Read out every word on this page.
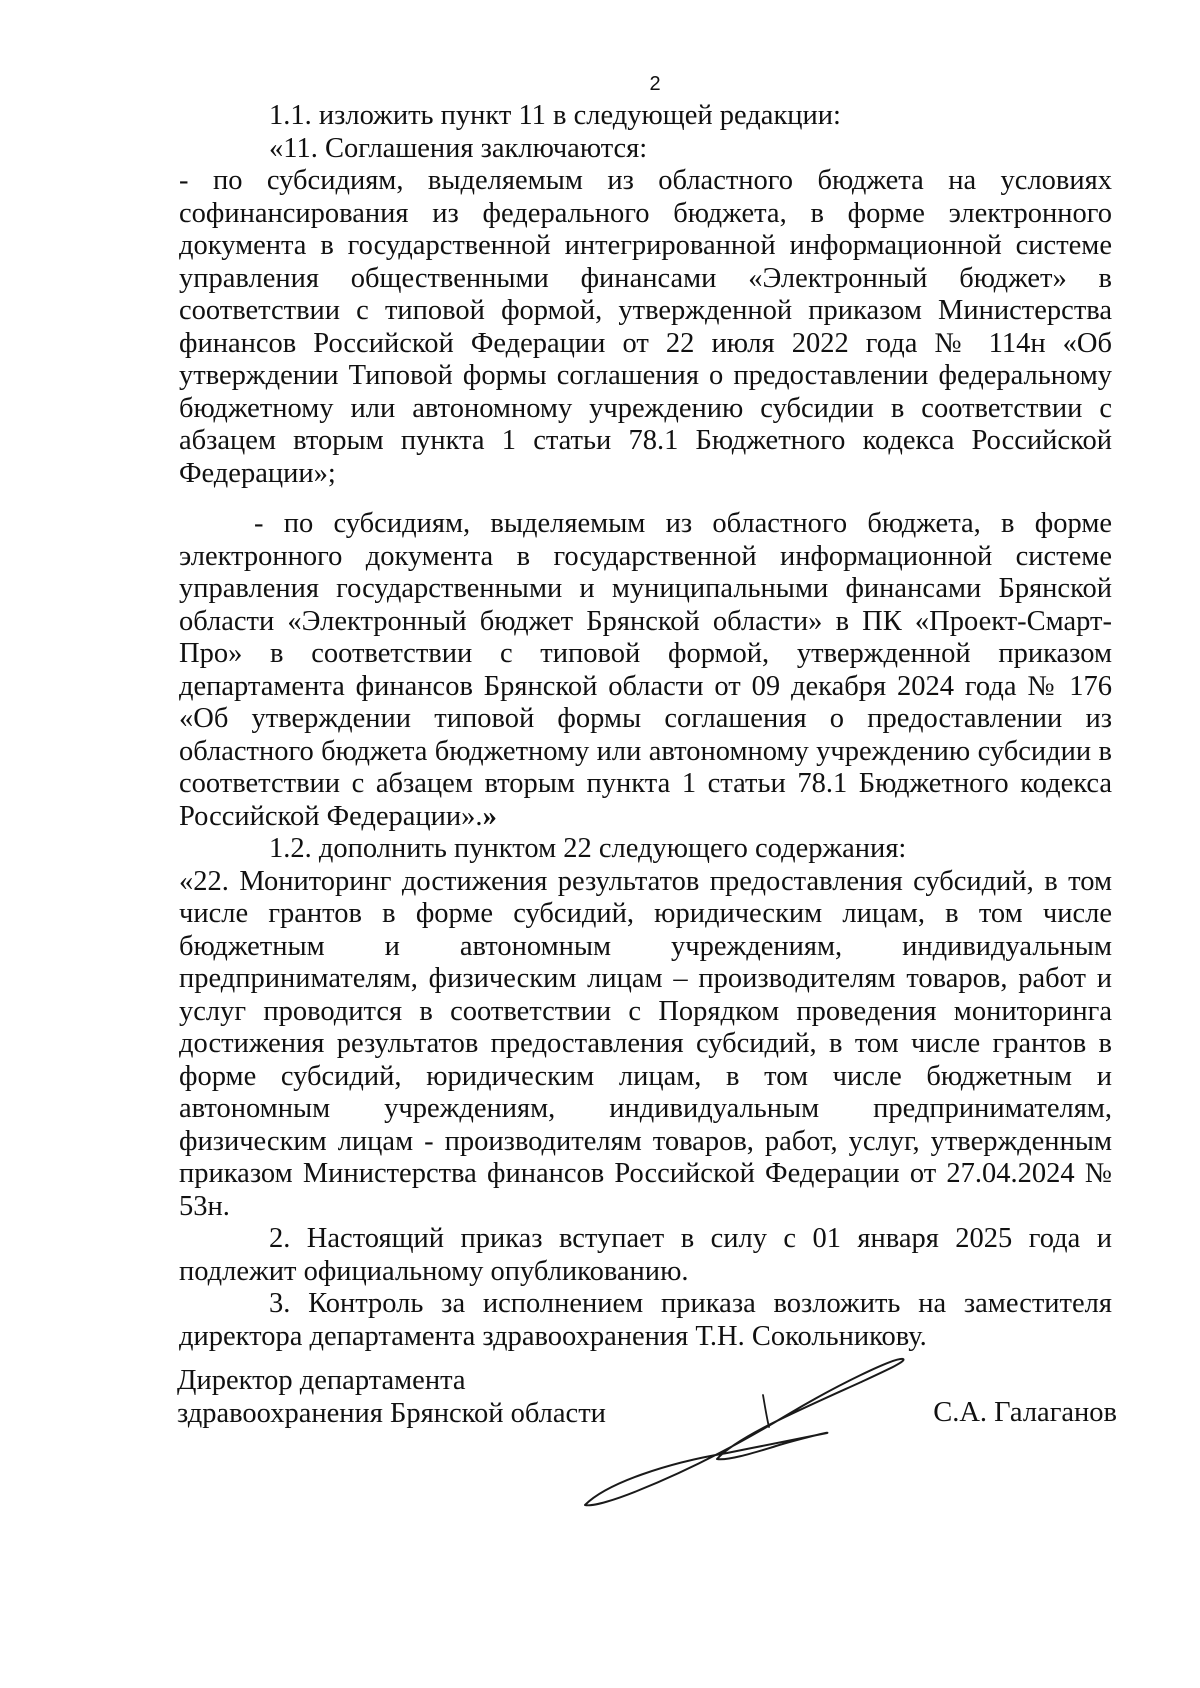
2

1.1. изложить пункт 11 в следующей редакции:

«11. Соглашения заключаются:

- по субсидиям, выделяемым из областного бюджета на условиях софинансирования из федерального бюджета, в форме электронного документа в государственной интегрированной информационной системе управления общественными финансами «Электронный бюджет» в соответствии с типовой формой, утвержденной приказом Министерства финансов Российской Федерации от 22 июля 2022 года № 114н «Об утверждении Типовой формы соглашения о предоставлении федеральному бюджетному или автономному учреждению субсидии в соответствии с абзацем вторым пункта 1 статьи 78.1 Бюджетного кодекса Российской Федерации»;

- по субсидиям, выделяемым из областного бюджета, в форме электронного документа в государственной информационной системе управления государственными и муниципальными финансами Брянской области «Электронный бюджет Брянской области» в ПК «Проект-Смарт-Про» в соответствии с типовой формой, утвержденной приказом департамента финансов Брянской области от 09 декабря 2024 года № 176 «Об утверждении типовой формы соглашения о предоставлении из областного бюджета бюджетному или автономному учреждению субсидии в соответствии с абзацем вторым пункта 1 статьи 78.1 Бюджетного кодекса Российской Федерации».»

1.2. дополнить пунктом 22 следующего содержания:

«22. Мониторинг достижения результатов предоставления субсидий, в том числе грантов в форме субсидий, юридическим лицам, в том числе бюджетным и автономным учреждениям, индивидуальным предпринимателям, физическим лицам – производителям товаров, работ и услуг проводится в соответствии с Порядком проведения мониторинга достижения результатов предоставления субсидий, в том числе грантов в форме субсидий, юридическим лицам, в том числе бюджетным и автономным учреждениям, индивидуальным предпринимателям, физическим лицам - производителям товаров, работ, услуг, утвержденным приказом Министерства финансов Российской Федерации от 27.04.2024 № 53н.

2. Настоящий приказ вступает в силу с 01 января 2025 года и подлежит официальному опубликованию.

3. Контроль за исполнением приказа возложить на заместителя директора департамента здравоохранения Т.Н. Сокольникову.

Директор департамента
здравоохранения Брянской области	С.А. Галаганов
